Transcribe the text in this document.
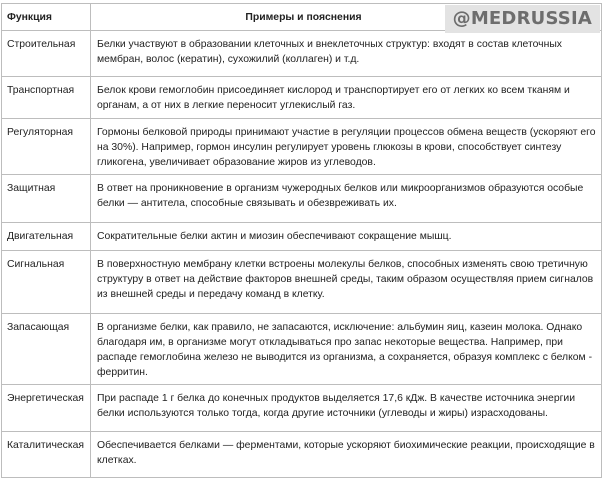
Функция	Примеры и пояснения
Строительная	Белки участвуют в образовании клеточных и внеклеточных структур: входят в состав клеточных мембран, волос (кератин), сухожилий (коллаген) и т.д.
Транспортная	Белок крови гемоглобин присоединяет кислород и транспортирует его от легких ко всем тканям и органам, а от них в легкие переносит углекислый газ.
Регуляторная	Гормоны белковой природы принимают участие в регуляции процессов обмена веществ (ускоряют его на 30%). Например, гормон инсулин регулирует уровень глюкозы в крови, способствует синтезу гликогена, увеличивает образование жиров из углеводов.
Защитная	В ответ на проникновение в организм чужеродных белков или микроорганизмов образуются особые белки — антитела, способные связывать и обезвреживать их.
Двигательная	Сократительные белки актин и миозин обеспечивают сокращение мышц.
Сигнальная	В поверхностную мембрану клетки встроены молекулы белков, способных изменять свою третичную структуру в ответ на действие факторов внешней среды, таким образом осуществляя прием сигналов из внешней среды и передачу команд в клетку.
Запасающая	В организме белки, как правило, не запасаются, исключение: альбумин яиц, казеин молока. Однако благодаря им, в организме могут откладываться про запас некоторые вещества. Например, при распаде гемоглобина железо не выводится из организма, а сохраняется, образуя комплекс с белком - ферритин.
Энергетическая	При распаде 1 г белка до конечных продуктов выделяется 17,6 кДж. В качестве источника энергии белки используются только тогда, когда другие источники (углеводы и жиры) израсходованы.
Каталитическая	Обеспечивается белками — ферментами, которые ускоряют биохимические реакции, происходящие в клетках.
@MEDRUSSIA
